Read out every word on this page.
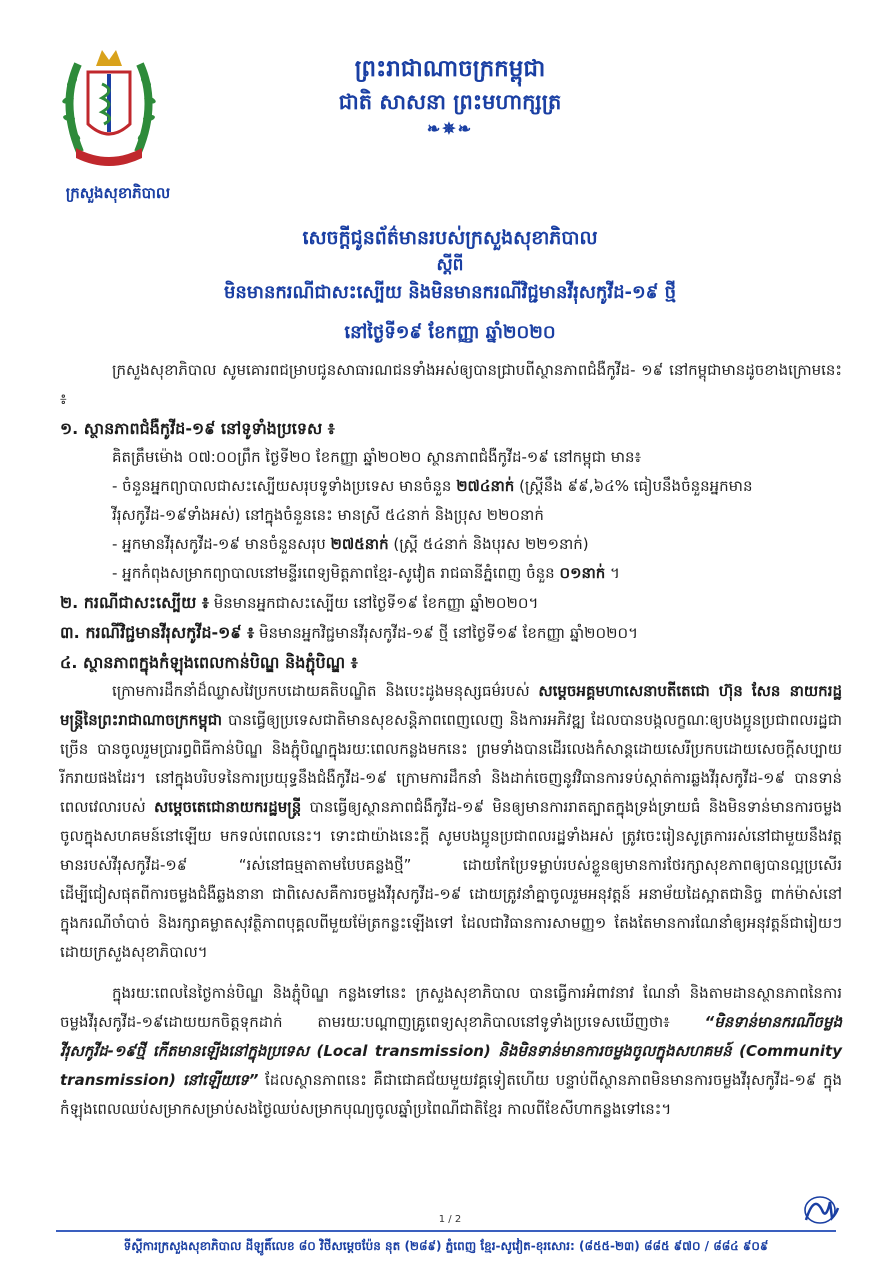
ក្រសួងសុខាភិបាល
ព្រះរាជាណាចក្រកម្ពុជា
ជាតិ សាសនា ព្រះមហាក្សត្រ
❧✵❧
សេចក្តីជូនព័ត៌មានរបស់ក្រសួងសុខាភិបាល
ស្តីពី
មិនមានករណីជាសះស្បើយ និងមិនមានករណីវិជ្ជមានវីរុសកូវីដ-១៩ ថ្មី
នៅថ្ងៃទី១៩ ខែកញ្ញា ឆ្នាំ២០២០

ក្រសួងសុខាភិបាល សូមគោរពជម្រាបជូនសាធារណជនទាំងអស់ឲ្យបានជ្រាបពីស្ថានភាពជំងឺកូវីដ- ១៩ នៅកម្ពុជាមានដូចខាងក្រោមនេះ ៖

១. ស្ថានភាពជំងឺកូវីដ-១៩ នៅទូទាំងប្រទេស ៖

គិតត្រឹមម៉ោង ០៧:០០ព្រឹក ថ្ងៃទី២០ ខែកញ្ញា ឆ្នាំ២០២០ ស្ថានភាពជំងឺកូវីដ-១៩ នៅកម្ពុជា មាន៖

- ចំនួនអ្នកព្យាបាលជាសះស្បើយសរុបទូទាំងប្រទេស មានចំនួន ២៧៤នាក់ (ស្រ្តីនឹង ៩៩,៦៤% ធៀបនឹងចំនួនអ្នកមានវីរុសកូវីដ-១៩ទាំងអស់) នៅក្នុងចំនួននេះ មានស្រី ៥៤នាក់ និងប្រុស ២២០នាក់

- អ្នកមានវីរុសកូវីដ-១៩ មានចំនួនសរុប ២៧៥នាក់ (ស្ត្រី ៥៤នាក់ និងបុរស ២២១នាក់)

- អ្នកកំពុងសម្រាកព្យាបាលនៅមន្ទីរពេទ្យមិត្តភាពខ្មែរ-សូវៀត រាជធានីភ្នំពេញ ចំនួន ០១នាក់ ។

២. ករណីជាសះស្បើយ ៖ មិនមានអ្នកជាសះស្បើយ នៅថ្ងៃទី១៩ ខែកញ្ញា ឆ្នាំ២០២០។

៣. ករណីវិជ្ជមានវីរុសកូវីដ-១៩ ៖ មិនមានអ្នកវិជ្ជមានវីរុសកូវីដ-១៩ ថ្មី នៅថ្ងៃទី១៩ ខែកញ្ញា ឆ្នាំ២០២០។

៤. ស្ថានភាពក្នុងកំឡុងពេលកាន់បិណ្ឌ និងភ្ជុំបិណ្ឌ ៖

ក្រោមការដឹកនាំដ៏ឈ្លាសវៃប្រកបដោយគតិបណ្ឌិត និងបេះដូងមនុស្សធម៌របស់ សម្តេចអគ្គមហាសេនាបតីតេជោ ហ៊ុន សែន នាយករដ្ឋមន្ត្រីនៃព្រះរាជាណាចក្រកម្ពុជា បានធ្វើឲ្យប្រទេសជាតិមានសុខសន្តិភាពពេញលេញ និងការអភិវឌ្ឍ ដែលបានបង្កលក្ខណៈឲ្យបងប្អូនប្រជាពលរដ្ឋជាច្រើន បានចូលរួមប្រារព្ធពិធីកាន់បិណ្ឌ និងភ្ជុំបិណ្ឌក្នុងរយៈពេលកន្លងមកនេះ ព្រមទាំងបានដើរលេងកំសាន្តដោយសេរីប្រកបដោយសេចក្តីសប្បាយរីករាយផងដែរ។ នៅក្នុងបរិបទនៃការប្រយុទ្ធនឹងជំងឺកូវីដ-១៩ ក្រោមការដឹកនាំ និងដាក់ចេញនូវវិធានការទប់ស្កាត់ការឆ្លងវីរុសកូវីដ-១៩ បានទាន់ពេលវេលារបស់ សម្តេចតេជោនាយករដ្ឋមន្ត្រី បានធ្វើឲ្យស្ថានភាពជំងឺកូវីដ-១៩ មិនឲ្យមានការរាតត្បាតក្នុងទ្រង់ទ្រាយធំ និងមិនទាន់មានការចម្លងចូលក្នុងសហគមន៍នៅឡើយ មកទល់ពេលនេះ។ ទោះជាយ៉ាងនេះក្តី សូមបងប្អូនប្រជាពលរដ្ឋទាំងអស់ ត្រូវចេះរៀនសូត្រការរស់នៅជាមួយនឹងវត្តមានរបស់វីរុសកូវីដ-១៩ “រស់នៅធម្មតាតាមបែបគន្លងថ្មី” ដោយកែប្រែទម្លាប់របស់ខ្លួនឲ្យមានការថែរក្សាសុខភាពឲ្យបានល្អប្រសើរ ដើម្បីជៀសផុតពីការចម្លងជំងឺឆ្លងនានា ជាពិសេសគឺការចម្លងវីរុសកូវីដ-១៩ ដោយត្រូវនាំគ្នាចូលរួមអនុវត្តន៍ អនាម័យដៃស្អាតជានិច្ច ពាក់ម៉ាស់នៅក្នុងករណីចាំបាច់ និងរក្សាគម្លាតសុវត្ថិភាពបុគ្គលពីមួយម៉ែត្រកន្លះឡើងទៅ ដែលជាវិធានការសាមញ្ញ១ តែងតែមានការណែនាំឲ្យអនុវត្តន៍ជារៀយៗដោយក្រសួងសុខាភិបាល។

ក្នុងរយៈពេលនៃថ្ងៃកាន់បិណ្ឌ និងភ្ជុំបិណ្ឌ កន្លងទៅនេះ ក្រសួងសុខាភិបាល បានធ្វើការអំពាវនាវ ណែនាំ និងតាមដានស្ថានភាពនៃការចម្លងវីរុសកូវីដ-១៩ដោយយកចិត្តទុកដាក់ តាមរយៈបណ្តាញគ្រូពេទ្យសុខាភិបាលនៅទូទាំងប្រទេសឃើញថា៖ “មិនទាន់មានករណីចម្លងវីរុសកូវីដ-១៩ថ្មី កើតមានឡើងនៅក្នុងប្រទេស (Local transmission) និងមិនទាន់មានការចម្លងចូលក្នុងសហគមន៍ (Community transmission) នៅឡើយទេ” ដែលស្ថានភាពនេះ គឺជាជោគជ័យមួយវគ្គទៀតហើយ បន្ទាប់ពីស្ថានភាពមិនមានការចម្លងវីរុសកូវីដ-១៩ ក្នុងកំឡុងពេលឈប់សម្រាកសម្រាប់សងថ្ងៃឈប់សម្រាកបុណ្យចូលឆ្នាំប្រពៃណីជាតិខ្មែរ កាលពីខែសីហាកន្លងទៅនេះ។

1 / 2
ទីស្តីការក្រសួងសុខាភិបាល ដីឡូតិ៍លេខ ៨០ វិថីសម្តេចប៉ែន នុត (២៨៩) ភ្នំពេញ ខ្មែរ-សូវៀត-ខុរសោរ: (៨៥៥-២៣) ៨៨៥ ៩៧០ / ៨៨៤ ៩០៩
